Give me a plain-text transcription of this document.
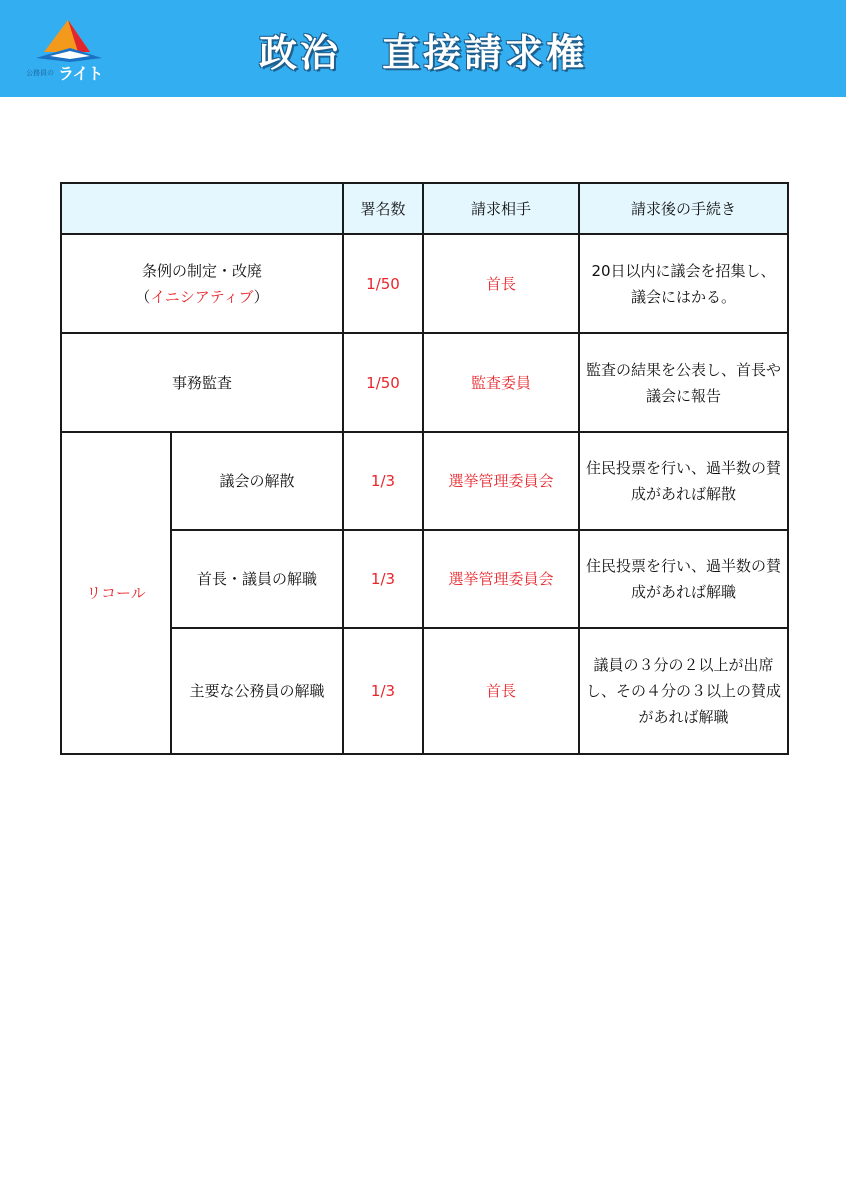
公務員の ライト	政治　直接請求権
		署名数	請求相手	請求後の手続き
条例の制定・改廃
（イニシアティブ）		1/50	首長	20日以内に議会を招集し、議会にはかる。
事務監査		1/50	監査委員	監査の結果を公表し、首長や議会に報告
リコール	議会の解散	1/3	選挙管理委員会	住民投票を行い、過半数の賛成があれば解散
	首長・議員の解職	1/3	選挙管理委員会	住民投票を行い、過半数の賛成があれば解職
	主要な公務員の解職	1/3	首長	議員の３分の２以上が出席し、その４分の３以上の賛成があれば解職
